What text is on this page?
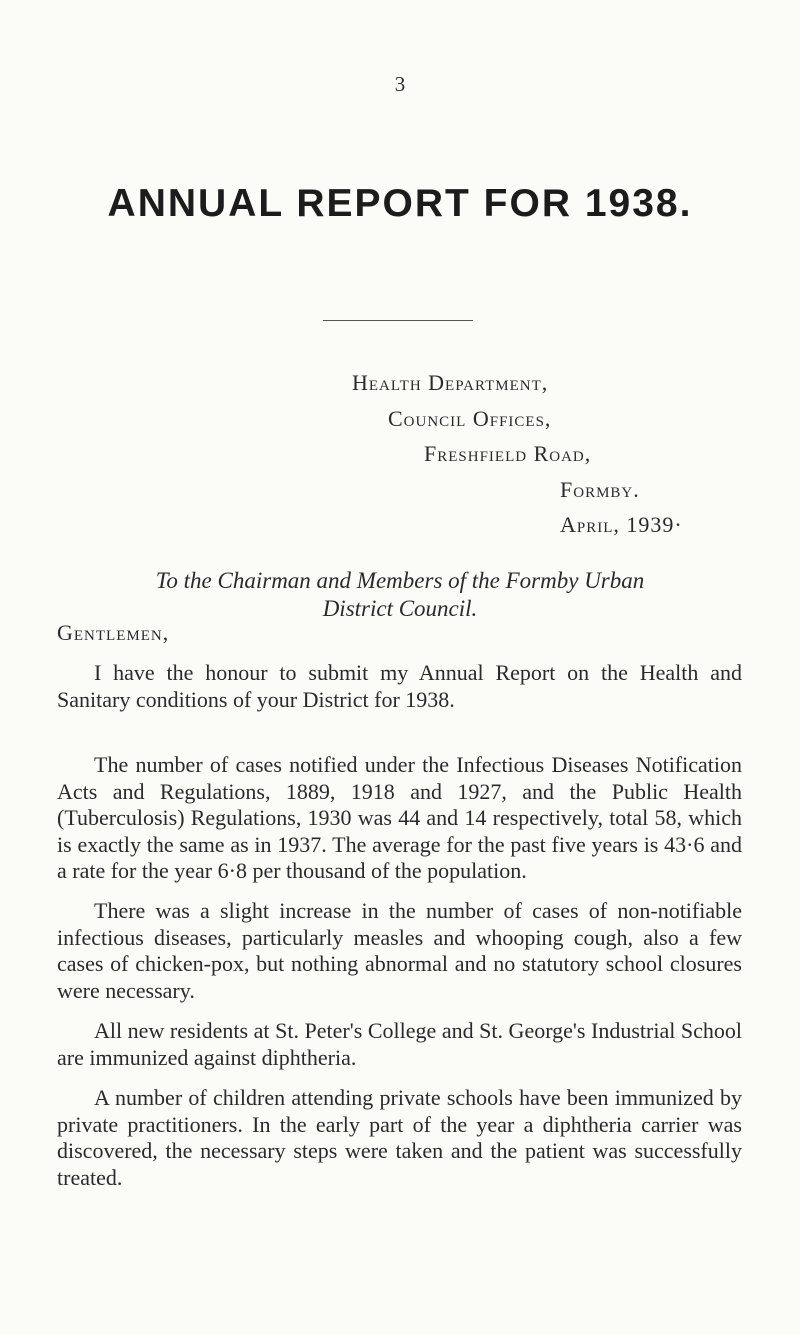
3
ANNUAL REPORT FOR 1938.
Health Department,
Council Offices,
Freshfield Road,
Formby.
April, 1939·
To the Chairman and Members of the Formby Urban
District Council.
Gentlemen,

I have the honour to submit my Annual Report on the Health and Sanitary conditions of your District for 1938.

The number of cases notified under the Infectious Diseases Notification Acts and Regulations, 1889, 1918 and 1927, and the Public Health (Tuberculosis) Regulations, 1930 was 44 and 14 respectively, total 58, which is exactly the same as in 1937. The average for the past five years is 43·6 and a rate for the year 6·8 per thousand of the population.

There was a slight increase in the number of cases of non-notifiable infectious diseases, particularly measles and whooping cough, also a few cases of chicken-pox, but nothing abnormal and no statutory school closures were necessary.

All new residents at St. Peter's College and St. George's Industrial School are immunized against diphtheria.

A number of children attending private schools have been immunized by private practitioners. In the early part of the year a diphtheria carrier was discovered, the necessary steps were taken and the patient was successfully treated.
